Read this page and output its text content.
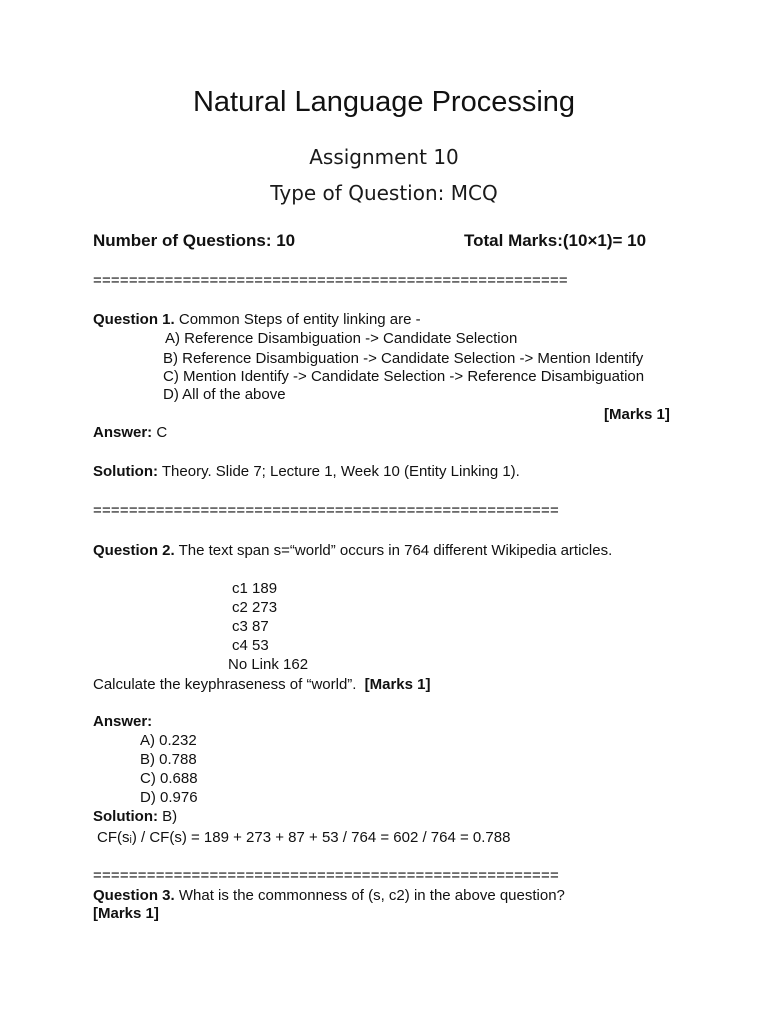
Natural Language Processing
Assignment 10
Type of Question: MCQ
Number of Questions: 10	Total Marks:(10×1)= 10
=====================================================
Question 1. Common Steps of entity linking are -
A) Reference Disambiguation -> Candidate Selection
B) Reference Disambiguation -> Candidate Selection -> Mention Identify
C) Mention Identify -> Candidate Selection -> Reference Disambiguation
D) All of the above
[Marks 1]
Answer: C
Solution: Theory. Slide 7; Lecture 1, Week 10 (Entity Linking 1).
====================================================
Question 2. The text span s=“world” occurs in 764 different Wikipedia articles.
c1 189
c2 273
c3 87
c4 53
No Link 162
Calculate the keyphraseness of “world”. [Marks 1]
Answer:
A) 0.232
B) 0.788
C) 0.688
D) 0.976
Solution: B)
CF(sᵢ) / CF(s) = 189 + 273 + 87 + 53 / 764 = 602 / 764 = 0.788
====================================================
Question 3. What is the commonness of (s, c2) in the above question?
[Marks 1]
